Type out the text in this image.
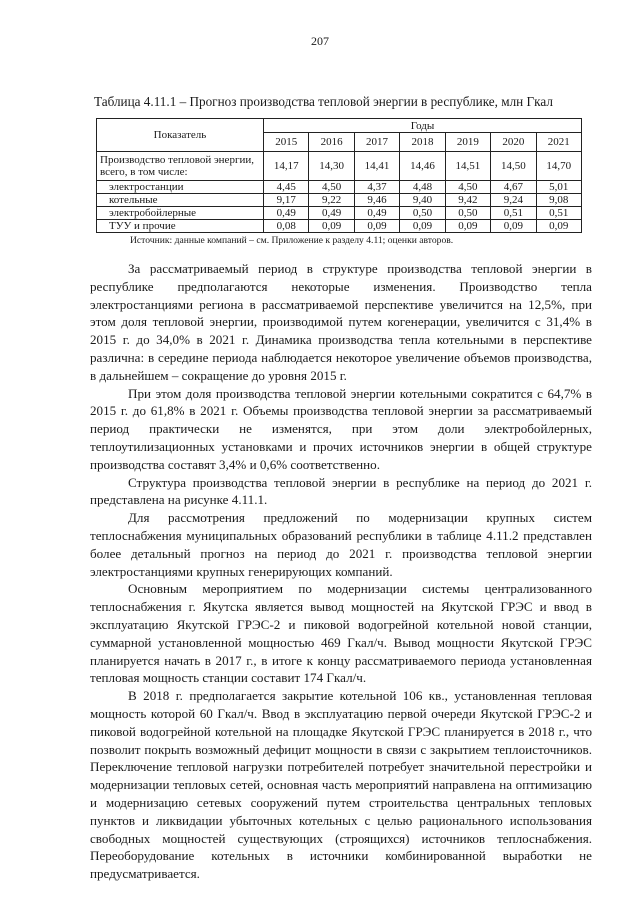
207
Таблица 4.11.1 – Прогноз производства тепловой энергии в республике, млн Гкал
Показатель	Годы						
	2015	2016	2017	2018	2019	2020	2021
Производство тепловой энергии, всего, в том числе:	14,17	14,30	14,41	14,46	14,51	14,50	14,70
электростанции	4,45	4,50	4,37	4,48	4,50	4,67	5,01
котельные	9,17	9,22	9,46	9,40	9,42	9,24	9,08
электробойлерные	0,49	0,49	0,49	0,50	0,50	0,51	0,51
ТУУ и прочие	0,08	0,09	0,09	0,09	0,09	0,09	0,09
Источник: данные компаний – см. Приложение к разделу 4.11; оценки авторов.

За рассматриваемый период в структуре производства тепловой энергии в республике предполагаются некоторые изменения. Производство тепла электростанциями региона в рассматриваемой перспективе увеличится на 12,5%, при этом доля тепловой энергии, производимой путем когенерации, увеличится с 31,4% в 2015 г. до 34,0% в 2021 г. Динамика производства тепла котельными в перспективе различна: в середине периода наблюдается некоторое увеличение объемов производства, в дальнейшем – сокращение до уровня 2015 г.

При этом доля производства тепловой энергии котельными сократится с 64,7% в 2015 г. до 61,8% в 2021 г. Объемы производства тепловой энергии за рассматриваемый период практически не изменятся, при этом доли электробойлерных, теплоутилизационных установками и прочих источников энергии в общей структуре производства составят 3,4% и 0,6% соответственно.

Структура производства тепловой энергии в республике на период до 2021 г. представлена на рисунке 4.11.1.

Для рассмотрения предложений по модернизации крупных систем теплоснабжения муниципальных образований республики в таблице 4.11.2 представлен более детальный прогноз на период до 2021 г. производства тепловой энергии электростанциями крупных генерирующих компаний.

Основным мероприятием по модернизации системы централизованного теплоснабжения г. Якутска является вывод мощностей на Якутской ГРЭС и ввод в эксплуатацию Якутской ГРЭС-2 и пиковой водогрейной котельной новой станции, суммарной установленной мощностью 469 Гкал/ч. Вывод мощности Якутской ГРЭС планируется начать в 2017 г., в итоге к концу рассматриваемого периода установленная тепловая мощность станции составит 174 Гкал/ч.

В 2018 г. предполагается закрытие котельной 106 кв., установленная тепловая мощность которой 60 Гкал/ч. Ввод в эксплуатацию первой очереди Якутской ГРЭС-2 и пиковой водогрейной котельной на площадке Якутской ГРЭС планируется в 2018 г., что позволит покрыть возможный дефицит мощности в связи с закрытием теплоисточников. Переключение тепловой нагрузки потребителей потребует значительной перестройки и модернизации тепловых сетей, основная часть мероприятий направлена на оптимизацию и модернизацию сетевых сооружений путем строительства центральных тепловых пунктов и ликвидации убыточных котельных с целью рационального использования свободных мощностей существующих (строящихся) источников теплоснабжения. Переоборудование котельных в источники комбинированной выработки не предусматривается.
